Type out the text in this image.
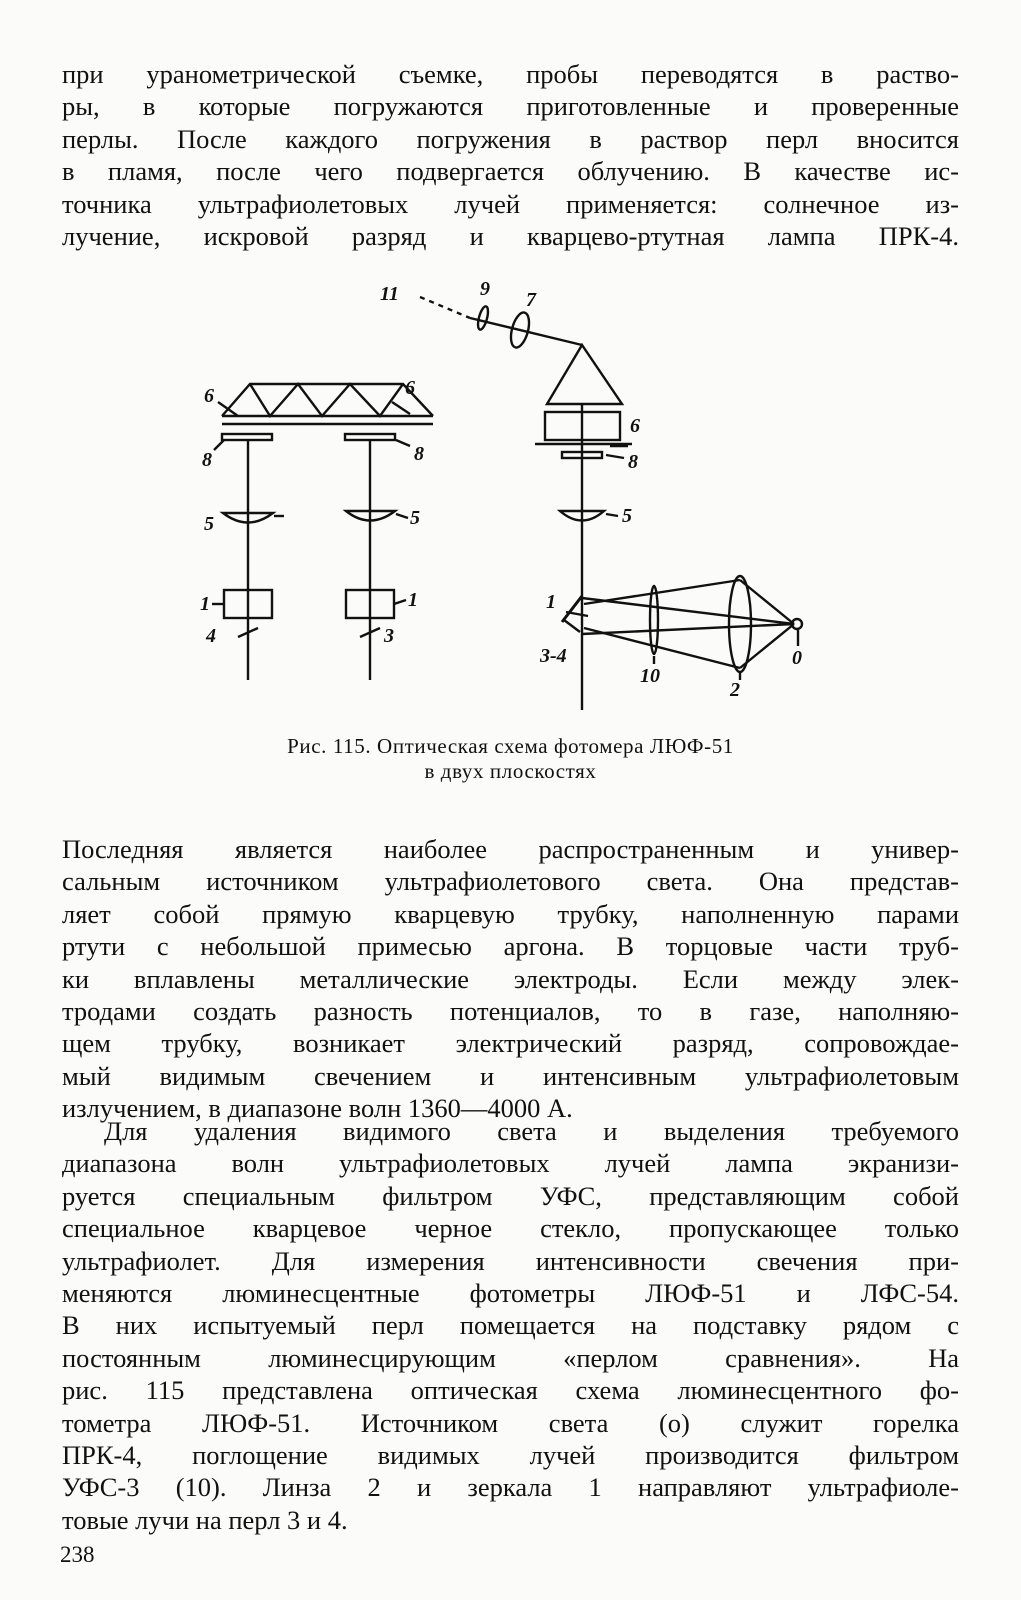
при ураномeтрической съемке, пробы переводятся в раство-
ры, в которые погружаются приготовленные и проверенные
перлы. После каждого погружения в раствор перл вносится
в пламя, после чего подвергается облучению. В качестве ис-
точника ультрафиолетовых лучей применяется: солнечное из-
лучение, искровой разряд и кварцево-ртутная лампа ПРК-4.
6	6
8	8
5	5
1	1
4	3
11	9 7
6
8
5
1
3-4
10
2
0
Рис. 115. Оптическая схема фотомера ЛЮФ-51
в двух плоскостях
Последняя является наиболее распространенным и универ-
сальным источником ультрафиолетового света. Она представ-
ляет собой прямую кварцевую трубку, наполненную парами
ртути с небольшой примесью аргона. В торцовые части труб-
ки вплавлены металлические электроды. Если между элек-
тродами создать разность потенциалов, то в газе, наполняю-
щем трубку, возникает электрический разряд, сопровождае-
мый видимым свечением и интенсивным ультрафиолетовым
излучением, в диапазоне волн 1360—4000 А.
Для удаления видимого света и выделения требуемого
диапазона волн ультрафиолетовых лучей лампа экранизи-
руется специальным фильтром УФС, представляющим собой
специальное кварцевое черное стекло, пропускающее только
ультрафиолет. Для измерения интенсивности свечения при-
меняются люминесцентные фотометры ЛЮФ-51 и ЛФС-54.
В них испытуемый перл помещается на подставку рядом с
постоянным люминесцирующим «перлом сравнения». На
рис. 115 представлена оптическая схема люминесцентного фо-
тометра ЛЮФ-51. Источником света (о) служит горелка
ПРК-4, поглощение видимых лучей производится фильтром
УФС-3 (10). Линза 2 и зеркала 1 направляют ультрафиоле-
товые лучи на перл 3 и 4.
238
